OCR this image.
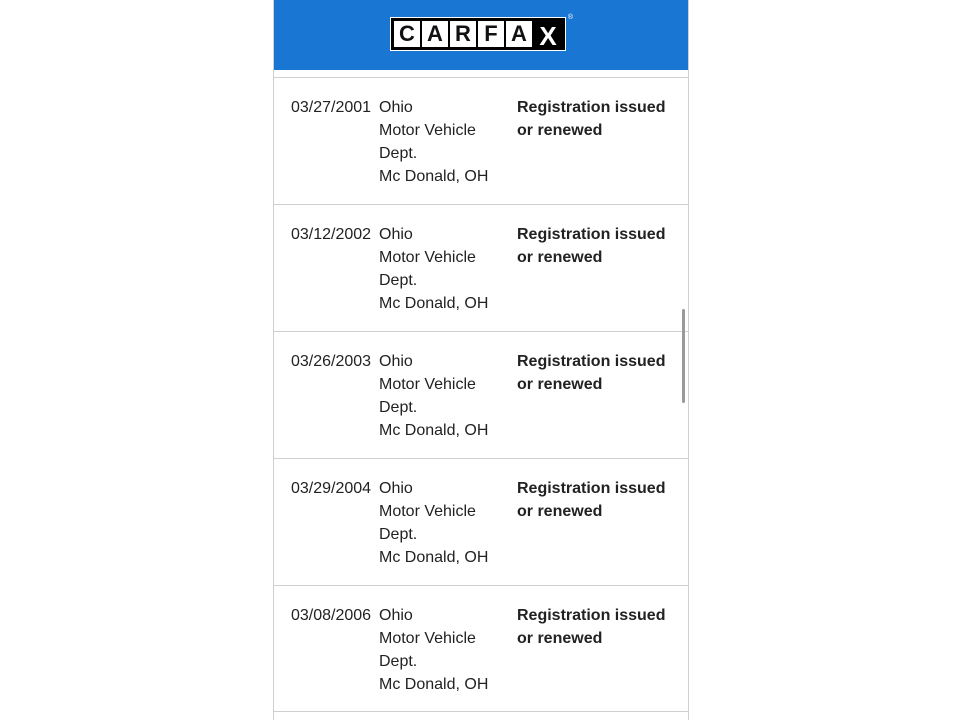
C A R F A X
®
03/27/2001 Ohio
Motor Vehicle
Dept.
Mc Donald, OH
Registration issued
or renewed
03/12/2002 Ohio
Motor Vehicle
Dept.
Mc Donald, OH
Registration issued
or renewed
03/26/2003 Ohio
Motor Vehicle
Dept.
Mc Donald, OH
Registration issued
or renewed
03/29/2004 Ohio
Motor Vehicle
Dept.
Mc Donald, OH
Registration issued
or renewed
03/08/2006 Ohio
Motor Vehicle
Dept.
Mc Donald, OH
Registration issued
or renewed
